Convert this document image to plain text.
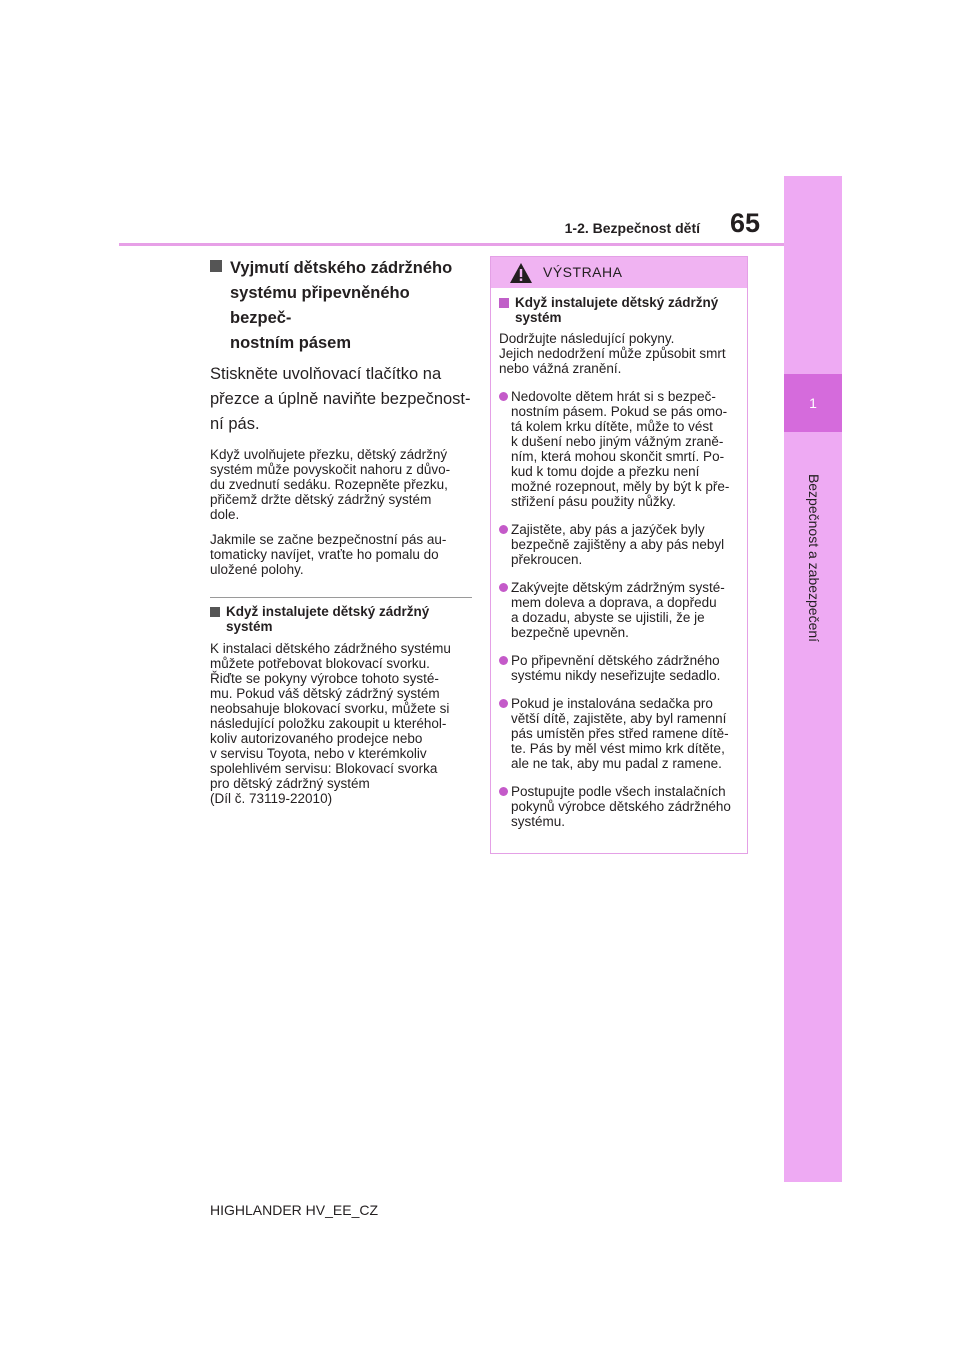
1-2. Bezpečnost dětí	65
1
Bezpečnost a zabezpečení
Vyjmutí dětského zádržného
systému připevněného bezpeč-
nostním pásem
Stiskněte uvolňovací tlačítko na
přezce a úplně naviňte bezpečnost-
ní pás.
Když uvolňujete přezku, dětský zádržný
systém může povyskočit nahoru z důvo-
du zvednutí sedáku. Rozepněte přezku,
přičemž držte dětský zádržný systém
dole.
Jakmile se začne bezpečnostní pás au-
tomaticky navíjet, vraťte ho pomalu do
uložené polohy.
Když instalujete dětský zádržný
systém
K instalaci dětského zádržného systému
můžete potřebovat blokovací svorku.
Řiďte se pokyny výrobce tohoto systé-
mu. Pokud váš dětský zádržný systém
neobsahuje blokovací svorku, můžete si
následující položku zakoupit u kteréhol-
koliv autorizovaného prodejce nebo
v servisu Toyota, nebo v kterémkoliv
spolehlivém servisu: Blokovací svorka
pro dětský zádržný systém
(Díl č. 73119-22010)
VÝSTRAHA
Když instalujete dětský zádržný
systém
Dodržujte následující pokyny.
Jejich nedodržení může způsobit smrt
nebo vážná zranění.
Nedovolte dětem hrát si s bezpeč-
nostním pásem. Pokud se pás omo-
tá kolem krku dítěte, může to vést
k dušení nebo jiným vážným zraně-
ním, která mohou skončit smrtí. Po-
kud k tomu dojde a přezku není
možné rozepnout, měly by být k pře-
střižení pásu použity nůžky.
Zajistěte, aby pás a jazýček byly
bezpečně zajištěny a aby pás nebyl
překroucen.
Zakývejte dětským zádržným systé-
mem doleva a doprava, a dopředu
a dozadu, abyste se ujistili, že je
bezpečně upevněn.
Po připevnění dětského zádržného
systému nikdy neseřizujte sedadlo.
Pokud je instalována sedačka pro
větší dítě, zajistěte, aby byl ramenní
pás umístěn přes střed ramene dítě-
te. Pás by měl vést mimo krk dítěte,
ale ne tak, aby mu padal z ramene.
Postupujte podle všech instalačních
pokynů výrobce dětského zádržného
systému.
HIGHLANDER HV_EE_CZ
